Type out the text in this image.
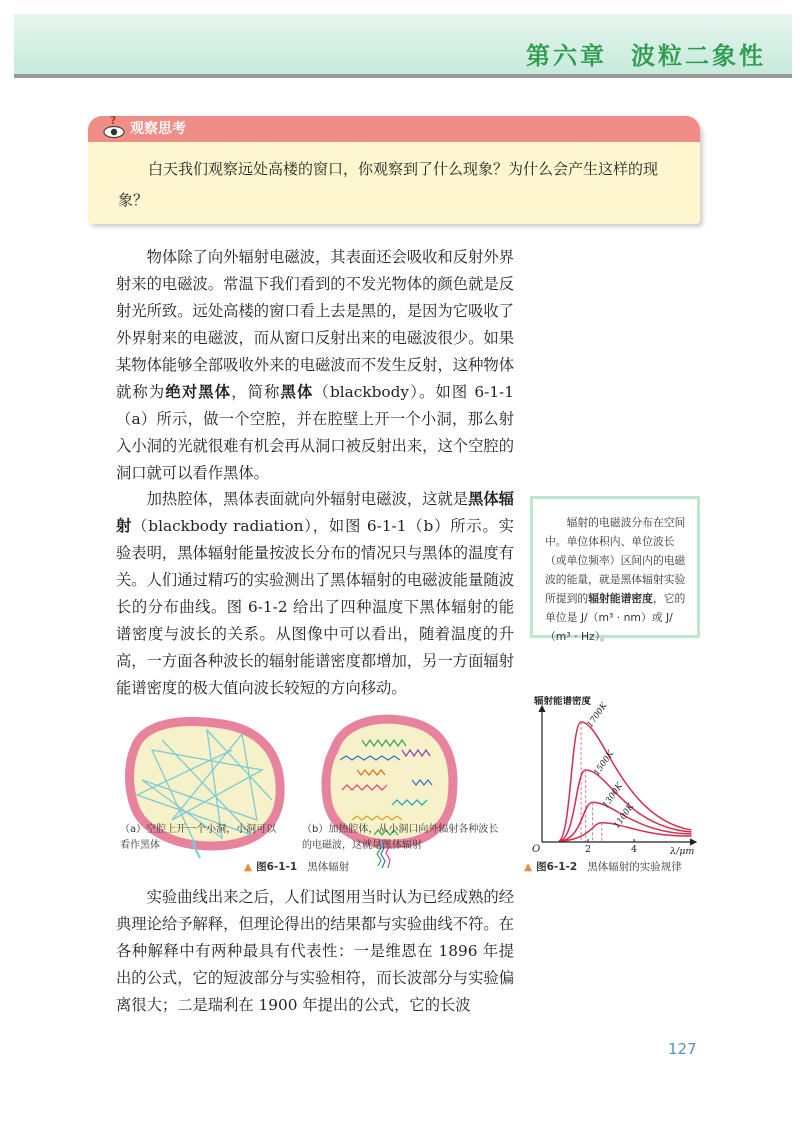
第六章 波粒二象性
?
观察思考
白天我们观察远处高楼的窗口，你观察到了什么现象？为什么会产生这样的现象？

物体除了向外辐射电磁波，其表面还会吸收和反射外界射来的电磁波。常温下我们看到的不发光物体的颜色就是反射光所致。远处高楼的窗口看上去是黑的，是因为它吸收了外界射来的电磁波，而从窗口反射出来的电磁波很少。如果某物体能够全部吸收外来的电磁波而不发生反射，这种物体就称为绝对黑体，简称黑体（blackbody）。如图 6-1-1（a）所示，做一个空腔，并在腔壁上开一个小洞，那么射入小洞的光就很难有机会再从洞口被反射出来，这个空腔的洞口就可以看作黑体。

加热腔体，黑体表面就向外辐射电磁波，这就是黑体辐射（blackbody radiation），如图 6-1-1（b）所示。实验表明，黑体辐射能量按波长分布的情况只与黑体的温度有关。人们通过精巧的实验测出了黑体辐射的电磁波能量随波长的分布曲线。图 6-1-2 给出了四种温度下黑体辐射的能谱密度与波长的关系。从图像中可以看出，随着温度的升高，一方面各种波长的辐射能谱密度都增加，另一方面辐射能谱密度的极大值向波长较短的方向移动。

辐射的电磁波分布在空间中。单位体积内、单位波长（或单位频率）区间内的电磁波的能量，就是黑体辐射实验所提到的辐射能谱密度，它的单位是 J/（m³ · nm）或 J/（m³ · Hz）。
（a）空腔上开一个小洞，小洞可以看作黑体
（b）加热腔体，从小洞口向外辐射各种波长的电磁波，这就是黑体辐射
▲ 图6-1-1 黑体辐射
1700K
1500K
1300K
1100K
辐射能谱密度
O	λ/μm
2	4
▲ 图6-1-2 黑体辐射的实验规律

实验曲线出来之后，人们试图用当时认为已经成熟的经典理论给予解释，但理论得出的结果都与实验曲线不符。在各种解释中有两种最具有代表性：一是维恩在 1896 年提出的公式，它的短波部分与实验相符，而长波部分与实验偏离很大；二是瑞利在 1900 年提出的公式，它的长波

127
